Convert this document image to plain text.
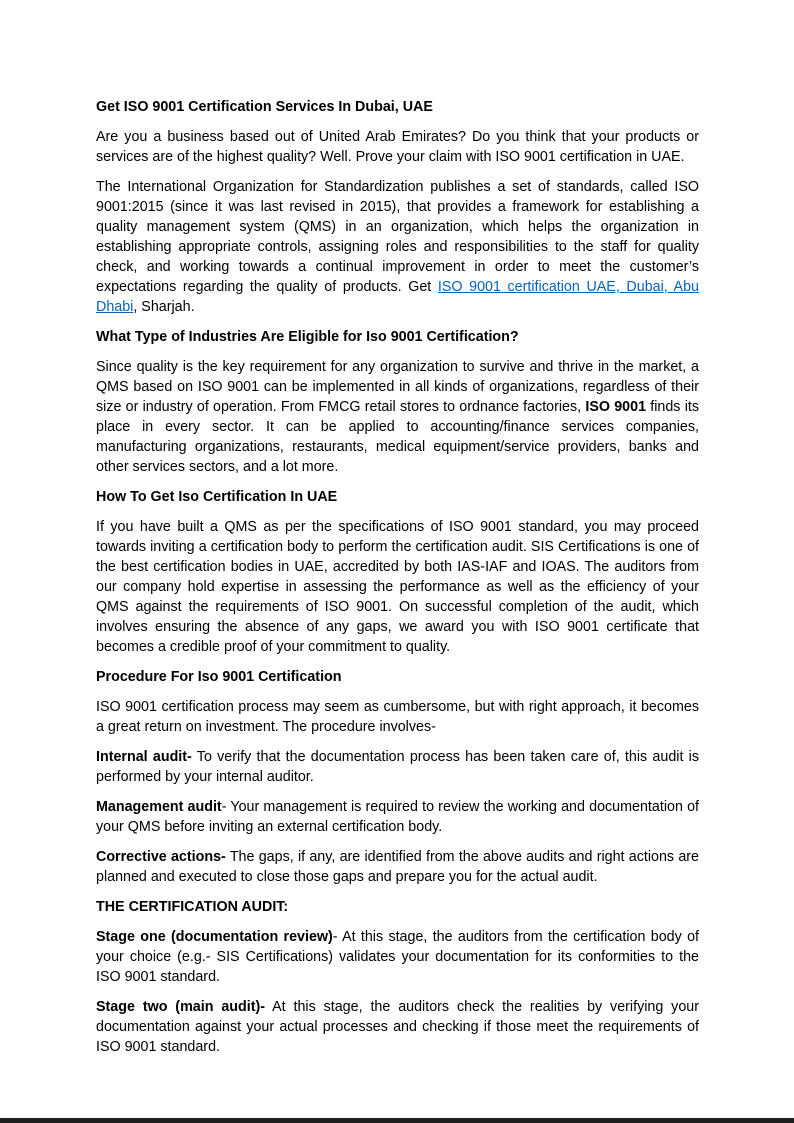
Get ISO 9001 Certification Services In Dubai, UAE

Are you a business based out of United Arab Emirates? Do you think that your products or services are of the highest quality? Well. Prove your claim with ISO 9001 certification in UAE.

The International Organization for Standardization publishes a set of standards, called ISO 9001:2015 (since it was last revised in 2015), that provides a framework for establishing a quality management system (QMS) in an organization, which helps the organization in establishing appropriate controls, assigning roles and responsibilities to the staff for quality check, and working towards a continual improvement in order to meet the customer’s expectations regarding the quality of products. Get ISO 9001 certification UAE, Dubai, Abu Dhabi, Sharjah.

What Type of Industries Are Eligible for Iso 9001 Certification?

Since quality is the key requirement for any organization to survive and thrive in the market, a QMS based on ISO 9001 can be implemented in all kinds of organizations, regardless of their size or industry of operation. From FMCG retail stores to ordnance factories, ISO 9001 finds its place in every sector. It can be applied to accounting/finance services companies, manufacturing organizations, restaurants, medical equipment/service providers, banks and other services sectors, and a lot more.

How To Get Iso Certification In UAE

If you have built a QMS as per the specifications of ISO 9001 standard, you may proceed towards inviting a certification body to perform the certification audit. SIS Certifications is one of the best certification bodies in UAE, accredited by both IAS-IAF and IOAS. The auditors from our company hold expertise in assessing the performance as well as the efficiency of your QMS against the requirements of ISO 9001. On successful completion of the audit, which involves ensuring the absence of any gaps, we award you with ISO 9001 certificate that becomes a credible proof of your commitment to quality.

Procedure For Iso 9001 Certification

ISO 9001 certification process may seem as cumbersome, but with right approach, it becomes a great return on investment. The procedure involves-

Internal audit- To verify that the documentation process has been taken care of, this audit is performed by your internal auditor.

Management audit- Your management is required to review the working and documentation of your QMS before inviting an external certification body.

Corrective actions- The gaps, if any, are identified from the above audits and right actions are planned and executed to close those gaps and prepare you for the actual audit.

THE CERTIFICATION AUDIT:

Stage one (documentation review)- At this stage, the auditors from the certification body of your choice (e.g.- SIS Certifications) validates your documentation for its conformities to the ISO 9001 standard.

Stage two (main audit)- At this stage, the auditors check the realities by verifying your documentation against your actual processes and checking if those meet the requirements of ISO 9001 standard.
